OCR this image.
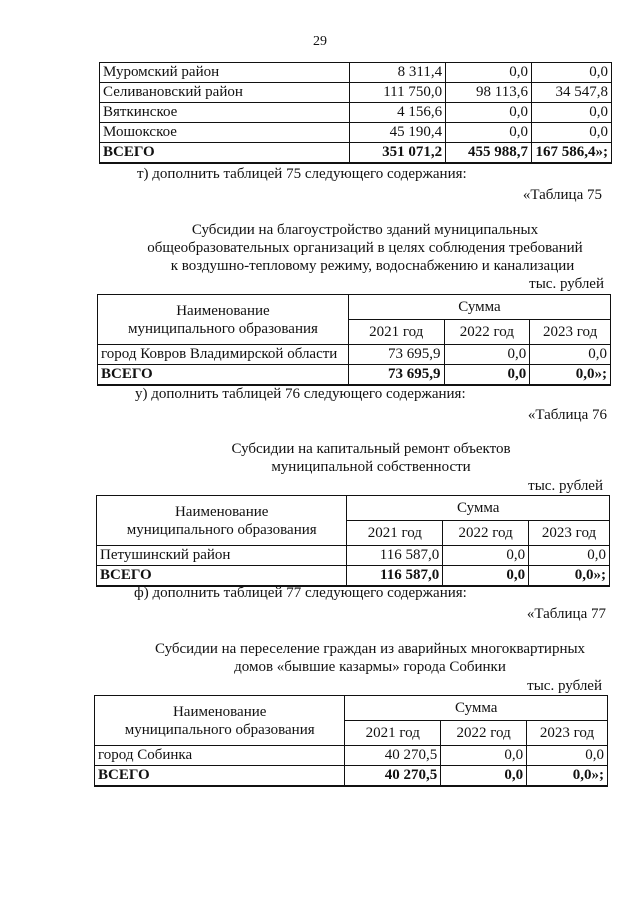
29
Муромский район	8 311,4	0,0	0,0
Селивановский район	111 750,0	98 113,6	34 547,8
Вяткинское	4 156,6	0,0	0,0
Мошокское	45 190,4	0,0	0,0
ВСЕГО	351 071,2	455 988,7	167 586,4»;
т) дополнить таблицей 75 следующего содержания:
«Таблица 75
Субсидии на благоустройство зданий муниципальных
общеобразовательных организаций в целях соблюдения требований
к воздушно-тепловому режиму, водоснабжению и канализации
тыс. рублей
Наименование
муниципального образования	Сумма		
	2021 год	2022 год	2023 год
город Ковров Владимирской области	73 695,9	0,0	0,0
ВСЕГО	73 695,9	0,0	0,0»;
у) дополнить таблицей 76 следующего содержания:
«Таблица 76
Субсидии на капитальный ремонт объектов
муниципальной собственности
тыс. рублей
Наименование
муниципального образования	Сумма		
	2021 год	2022 год	2023 год
Петушинский район	116 587,0	0,0	0,0
ВСЕГО	116 587,0	0,0	0,0»;
ф) дополнить таблицей 77 следующего содержания:
«Таблица 77
Субсидии на переселение граждан из аварийных многоквартирных
домов «бывшие казармы» города Собинки
тыс. рублей
Наименование
муниципального образования	Сумма		
	2021 год	2022 год	2023 год
город Собинка	40 270,5	0,0	0,0
ВСЕГО	40 270,5	0,0	0,0»;
